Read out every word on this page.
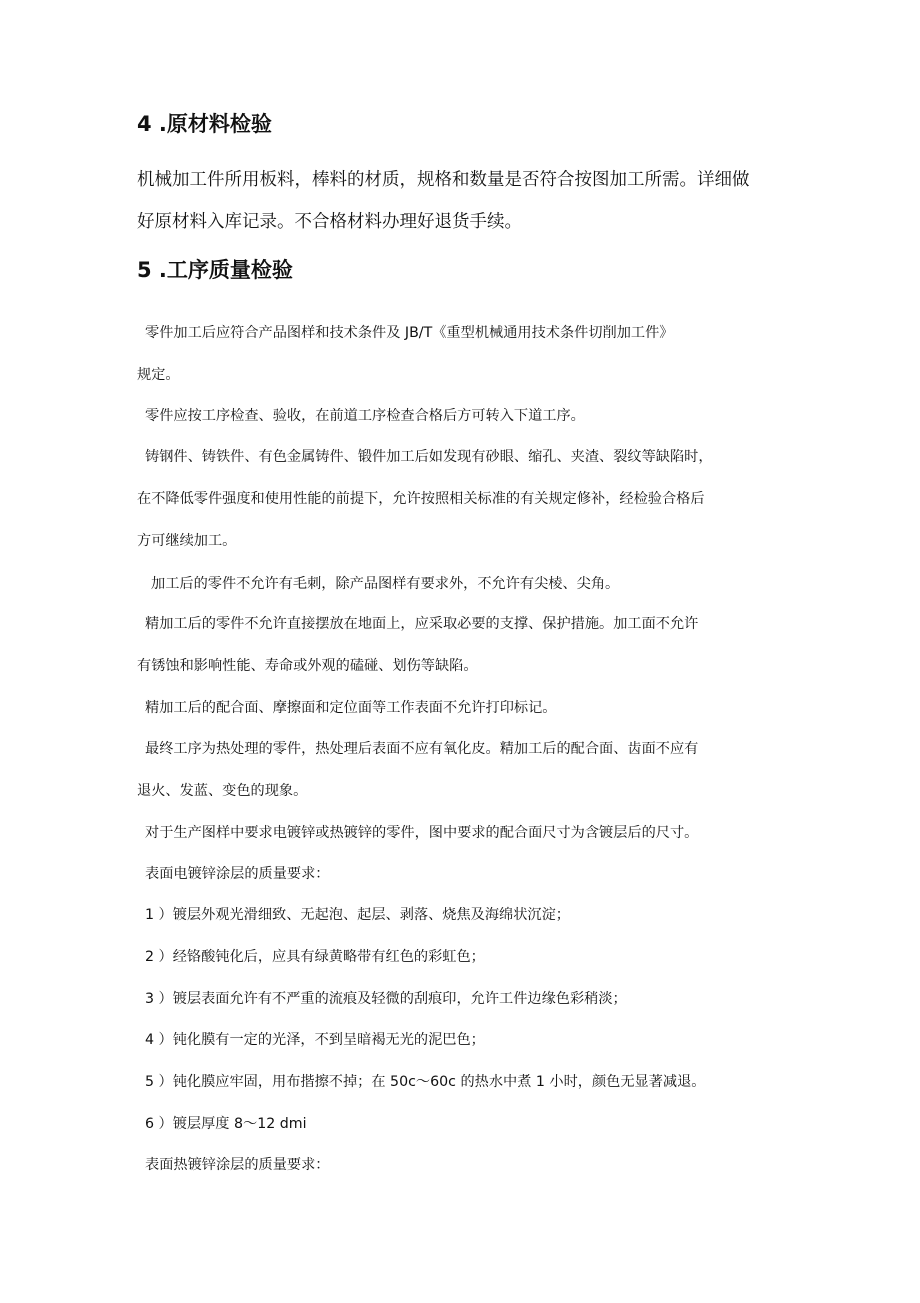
4 .原材料检验

机械加工件所用板料，棒料的材质，规格和数量是否符合按图加工所需。详细做

好原材料入库记录。不合格材料办理好退货手续。

5 .工序质量检验

零件加工后应符合产品图样和技术条件及 JB/T《重型机械通用技术条件切削加工件》

规定。

零件应按工序检查、验收，在前道工序检查合格后方可转入下道工序。

铸钢件、铸铁件、有色金属铸件、锻件加工后如发现有砂眼、缩孔、夹渣、裂纹等缺陷时，

在不降低零件强度和使用性能的前提下，允许按照相关标准的有关规定修补，经检验合格后

方可继续加工。

加工后的零件不允许有毛刺，除产品图样有要求外，不允许有尖棱、尖角。

精加工后的零件不允许直接摆放在地面上，应采取必要的支撑、保护措施。加工面不允许

有锈蚀和影响性能、寿命或外观的磕碰、划伤等缺陷。

精加工后的配合面、摩擦面和定位面等工作表面不允许打印标记。

最终工序为热处理的零件，热处理后表面不应有氧化皮。精加工后的配合面、齿面不应有

退火、发蓝、变色的现象。

对于生产图样中要求电镀锌或热镀锌的零件，图中要求的配合面尺寸为含镀层后的尺寸。

表面电镀锌涂层的质量要求：

1 ）镀层外观光滑细致、无起泡、起层、剥落、烧焦及海绵状沉淀；

2 ）经铬酸钝化后，应具有绿黄略带有红色的彩虹色；

3 ）镀层表面允许有不严重的流痕及轻微的刮痕印，允许工件边缘色彩稍淡；

4 ）钝化膜有一定的光泽，不到呈暗褐无光的泥巴色；

5 ）钝化膜应牢固，用布揩擦不掉；在 50c～60c 的热水中煮 1 小时，颜色无显著减退。

6 ）镀层厚度 8～12 dmi

表面热镀锌涂层的质量要求：
